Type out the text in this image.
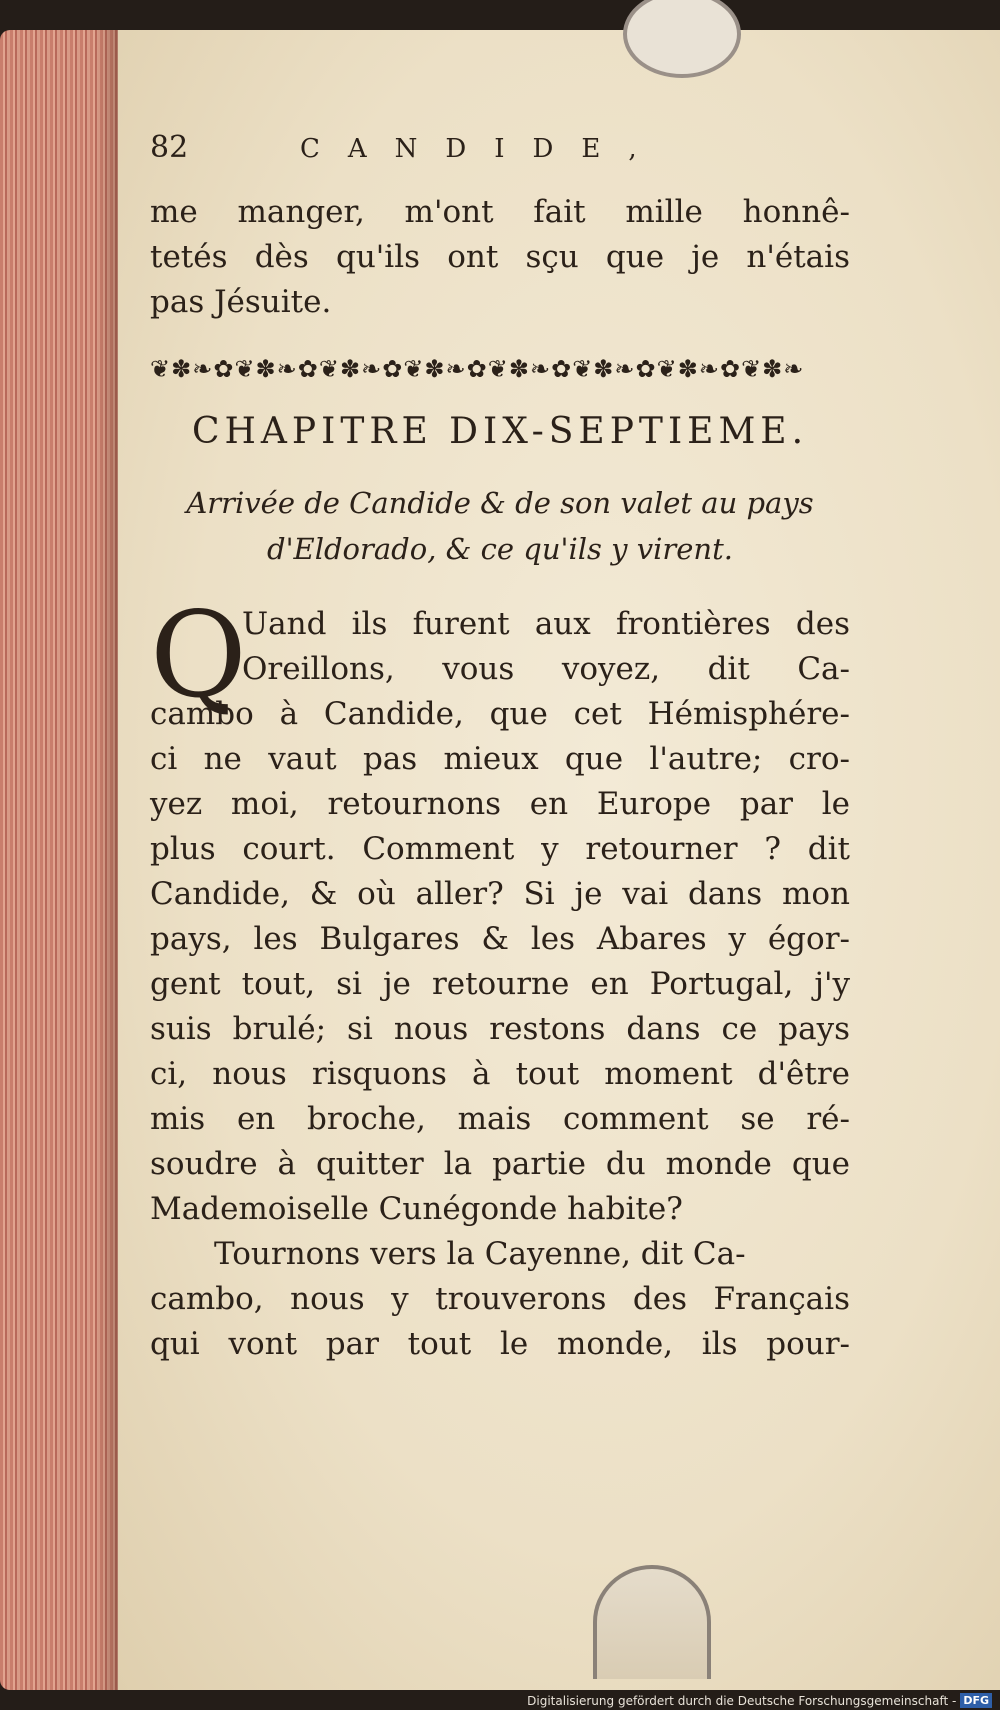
82	CANDIDE,
me manger, m'ont fait mille honnê-
tetés dès qu'ils ont sçu que je n'étais
pas Jésuite.
❦✽❧✿❦✽❧✿❦✽❧✿❦✽❧✿❦✽❧✿❦✽❧✿❦✽❧✿❦✽❧
CHAPITRE DIX-SEPTIEME.
Arrivée de Candide & de son valet au pays
d'Eldorado, & ce qu'ils y virent.
Q
Uand ils furent aux frontières des
Oreillons, vous voyez, dit Ca-
cambo à Candide, que cet Hémisphére-
ci ne vaut pas mieux que l'autre; cro-
yez moi, retournons en Europe par le
plus court. Comment y retourner ? dit
Candide, & où aller? Si je vai dans mon
pays, les Bulgares & les Abares y égor-
gent tout, si je retourne en Portugal, j'y
suis brulé; si nous restons dans ce pays
ci, nous risquons à tout moment d'être
mis en broche, mais comment se ré-
soudre à quitter la partie du monde que
Mademoiselle Cunégonde habite?
Tournons vers la Cayenne, dit Ca-
cambo, nous y trouverons des Français
qui vont par tout le monde, ils pour-
Digitalisierung gefördert durch die Deutsche Forschungsgemeinschaft - DFG
